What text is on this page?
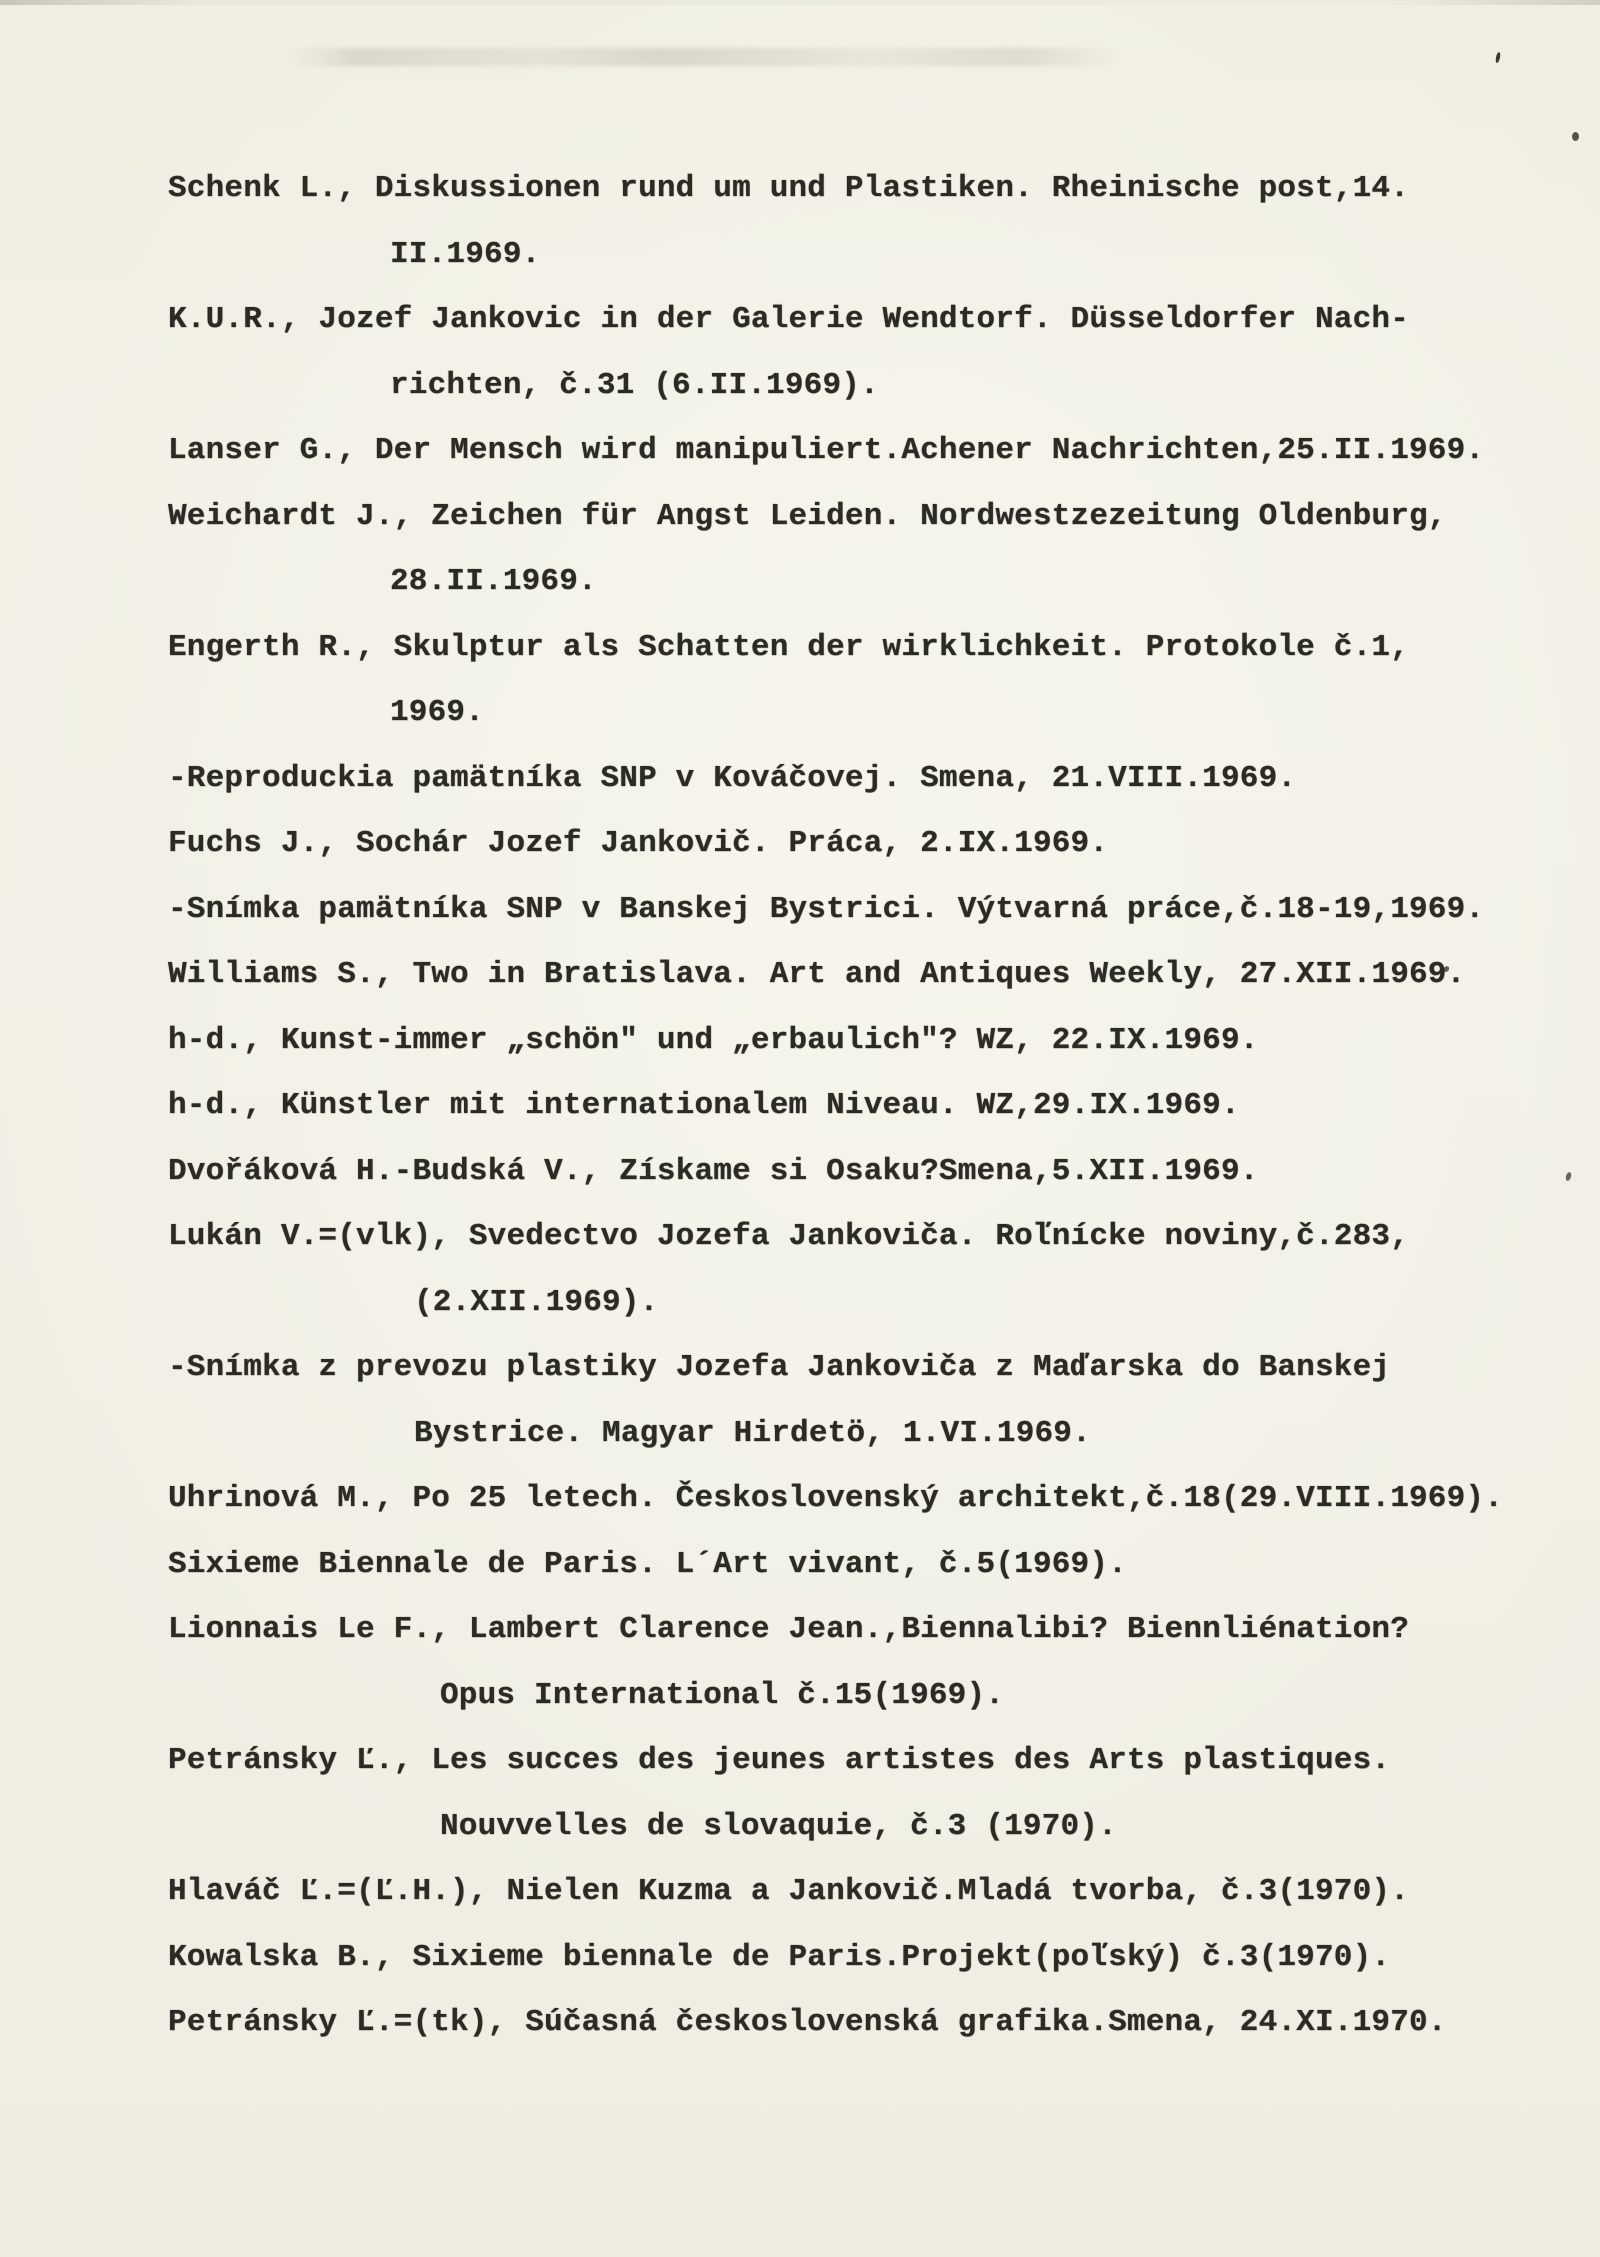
Schenk L., Diskussionen rund um und Plastiken. Rheinische post,14.
II.1969.
K.U.R., Jozef Jankovic in der Galerie Wendtorf. Düsseldorfer Nach-
richten, č.31 (6.II.1969).
Lanser G., Der Mensch wird manipuliert.Achener Nachrichten,25.II.1969.
Weichardt J., Zeichen für Angst Leiden. Nordwestzezeitung Oldenburg,
28.II.1969.
Engerth R., Skulptur als Schatten der wirklichkeit. Protokole č.1,
1969.
-Reproduckia pamätníka SNP v Kováčovej. Smena, 21.VIII.1969.
Fuchs J., Sochár Jozef Jankovič. Práca, 2.IX.1969.
-Snímka pamätníka SNP v Banskej Bystrici. Výtvarná práce,č.18-19,1969.
Williams S., Two in Bratislava. Art and Antiques Weekly, 27.XII.1969.
h-d., Kunst-immer „schön" und „erbaulich"? WZ, 22.IX.1969.
h-d., Künstler mit internationalem Niveau. WZ,29.IX.1969.
Dvořáková H.-Budská V., Získame si Osaku?Smena,5.XII.1969.
Lukán V.=(vlk), Svedectvo Jozefa Jankoviča. Roľnícke noviny,č.283,
(2.XII.1969).
-Snímka z prevozu plastiky Jozefa Jankoviča z Maďarska do Banskej
Bystrice. Magyar Hirdetö, 1.VI.1969.
Uhrinová M., Po 25 letech. Československý architekt,č.18(29.VIII.1969).
Sixieme Biennale de Paris. L´Art vivant, č.5(1969).
Lionnais Le F., Lambert Clarence Jean.,Biennalibi? Biennliénation?
Opus International č.15(1969).
Petránsky Ľ., Les succes des jeunes artistes des Arts plastiques.
Nouvvelles de slovaquie, č.3 (1970).
Hlaváč Ľ.=(Ľ.H.), Nielen Kuzma a Jankovič.Mladá tvorba, č.3(1970).
Kowalska B., Sixieme biennale de Paris.Projekt(poľský) č.3(1970).
Petránsky Ľ.=(tk), Súčasná československá grafika.Smena, 24.XI.1970.
